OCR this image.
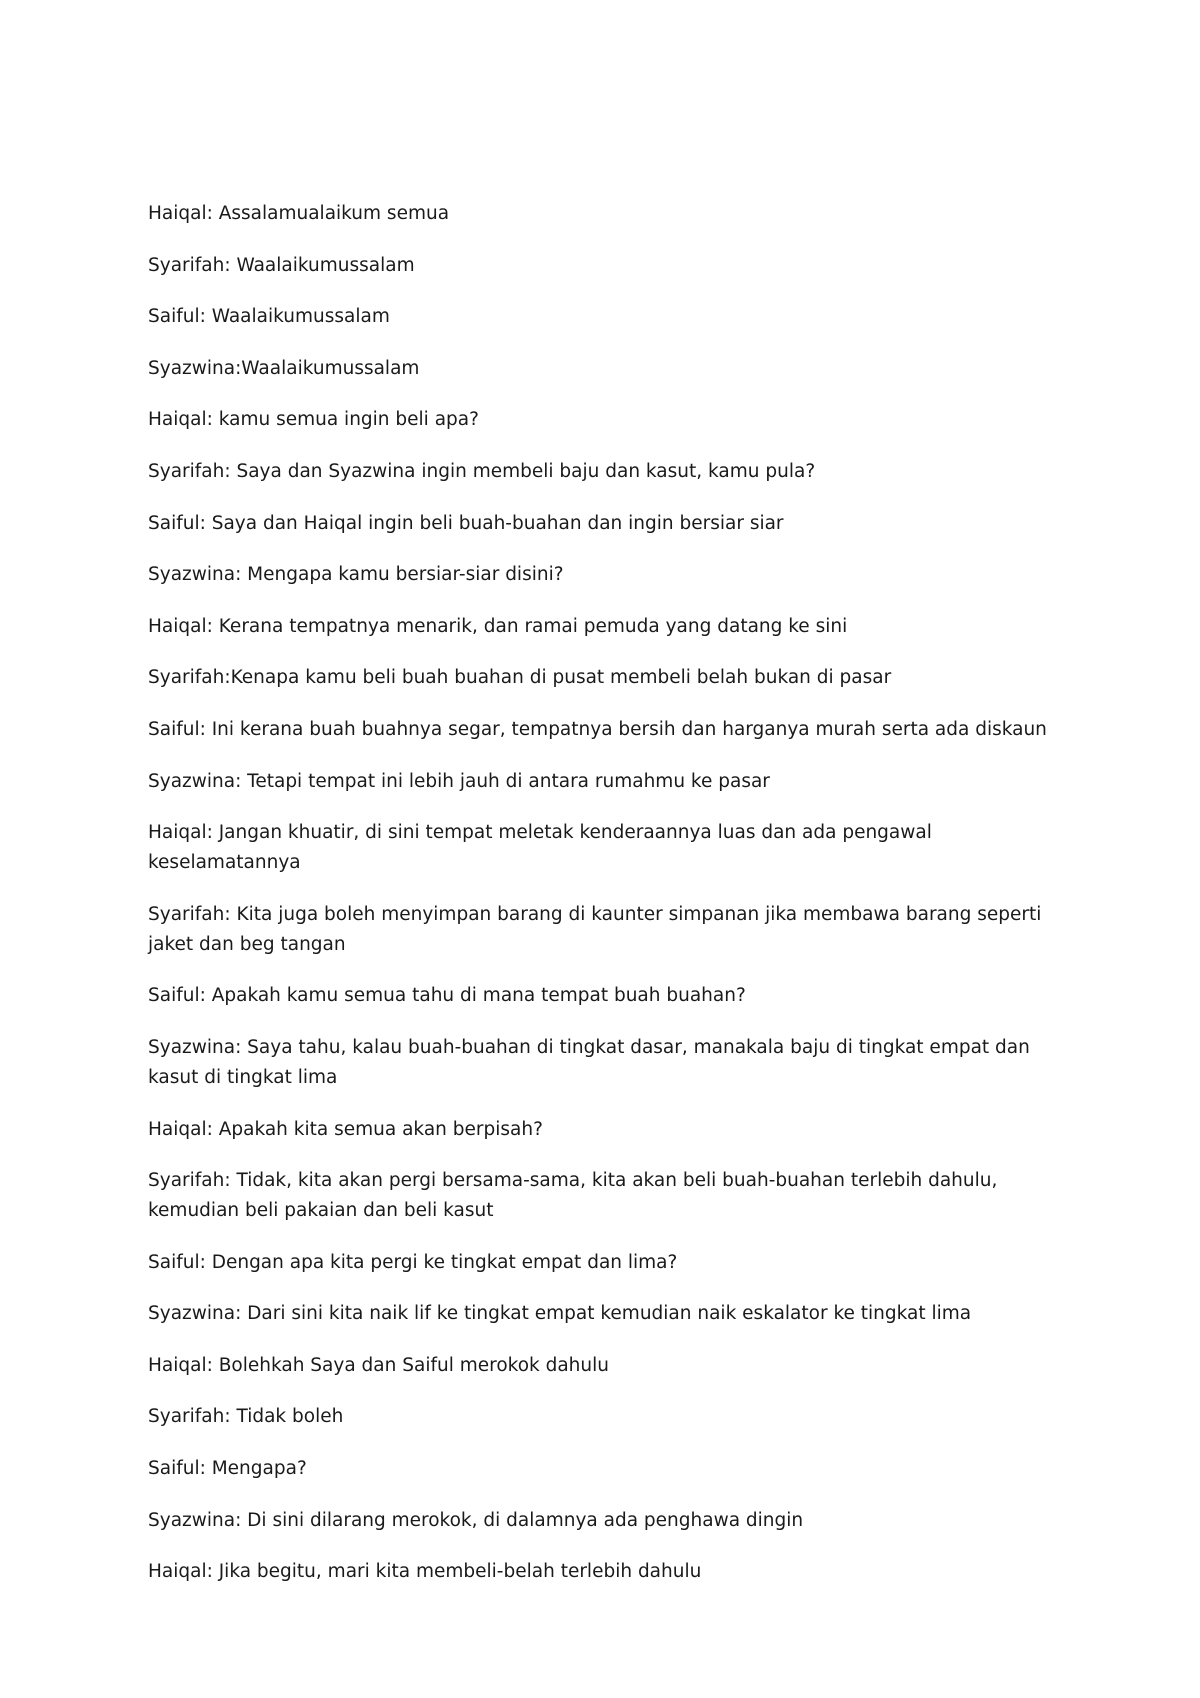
Haiqal: Assalamualaikum semua

Syarifah: Waalaikumussalam

Saiful: Waalaikumussalam

Syazwina:Waalaikumussalam

Haiqal: kamu semua ingin beli apa?

Syarifah: Saya dan Syazwina ingin membeli baju dan kasut, kamu pula?

Saiful: Saya dan Haiqal ingin beli buah-buahan dan ingin bersiar siar

Syazwina: Mengapa kamu bersiar-siar disini?

Haiqal: Kerana tempatnya menarik, dan ramai pemuda yang datang ke sini

Syarifah:Kenapa kamu beli buah buahan di pusat membeli belah bukan di pasar

Saiful: Ini kerana buah buahnya segar, tempatnya bersih dan harganya murah serta ada diskaun

Syazwina: Tetapi tempat ini lebih jauh di antara rumahmu ke pasar

Haiqal: Jangan khuatir, di sini tempat meletak kenderaannya luas dan ada pengawal keselamatannya

Syarifah: Kita juga boleh menyimpan barang di kaunter simpanan jika membawa barang seperti jaket dan beg tangan

Saiful: Apakah kamu semua tahu di mana tempat buah buahan?

Syazwina: Saya tahu, kalau buah-buahan di tingkat dasar, manakala baju di tingkat empat dan kasut di tingkat lima

Haiqal: Apakah kita semua akan berpisah?

Syarifah: Tidak, kita akan pergi bersama-sama, kita akan beli buah-buahan terlebih dahulu, kemudian beli pakaian dan beli kasut

Saiful: Dengan apa kita pergi ke tingkat empat dan lima?

Syazwina: Dari sini kita naik lif ke tingkat empat kemudian naik eskalator ke tingkat lima

Haiqal: Bolehkah Saya dan Saiful merokok dahulu

Syarifah: Tidak boleh

Saiful: Mengapa?

Syazwina: Di sini dilarang merokok, di dalamnya ada penghawa dingin

Haiqal: Jika begitu, mari kita membeli-belah terlebih dahulu
